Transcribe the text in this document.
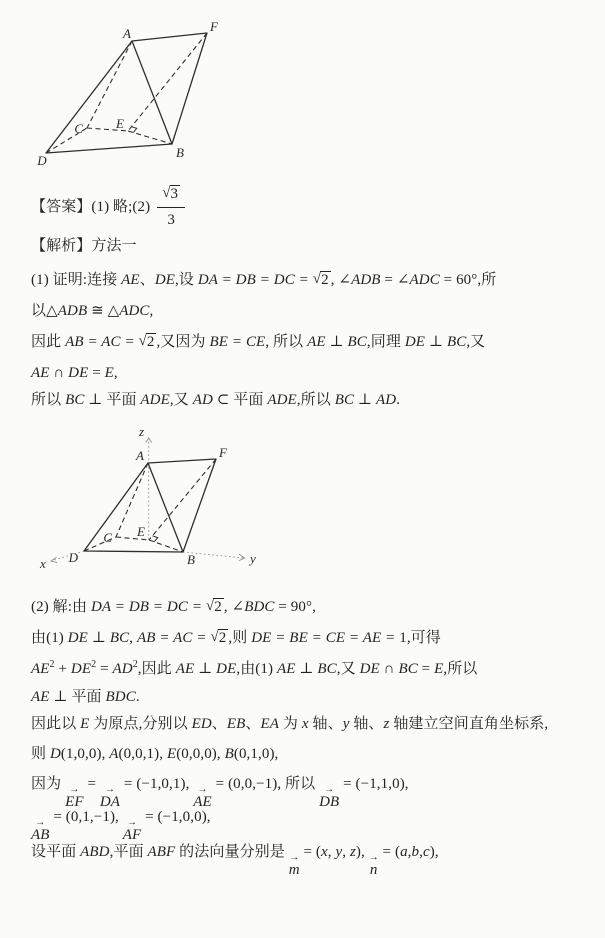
A	F
C	E
D
B
【答案】(1) 略;(2)
√3
3
【解析】方法一
(1) 证明:连接 AE、DE,设 DA = DB = DC = √2 , ∠ADB = ∠ADC = 60°,所
以△ADB ≅ △ADC,
因此 AB = AC = √2 ,又因为 BE = CE, 所以 AE ⊥ BC,同理 DE ⊥ BC,又
AE ∩ DE = E,
所以 BC ⊥ 平面 ADE,又 AD ⊂ 平面 ADE,所以 BC ⊥ AD.
A	F
C E
D	B
z
x	y
(2) 解:由 DA = DB = DC = √2 , ∠BDC = 90°,
由(1) DE ⊥ BC, AB = AC = √2 ,则 DE = BE = CE = AE = 1,可得
$AE^2 + DE^2 = AD^2$,因此 AE ⊥ DE,由(1) AE ⊥ BC,又 DE ∩ BC = E,所以
AE ⊥ 平面 BDC.
因此以 E 为原点,分别以 ED、EB、EA 为 x 轴、y 轴、z 轴建立空间直角坐标系,
则 D(1,0,0), A(0,0,1), E(0,0,0), B(0,1,0),
因为 →
EF
= →
DA
= (−1,0,1), →
AE
= (0,0,−1), 所以 →
DB
= (−1,1,0),
→
AB
= (0,1,−1), →
AF
= (−1,0,0),
设平面 ABD,平面 ABF 的法向量分别是 →
m
= (x, y, z), →
n
= (a,b,c),
